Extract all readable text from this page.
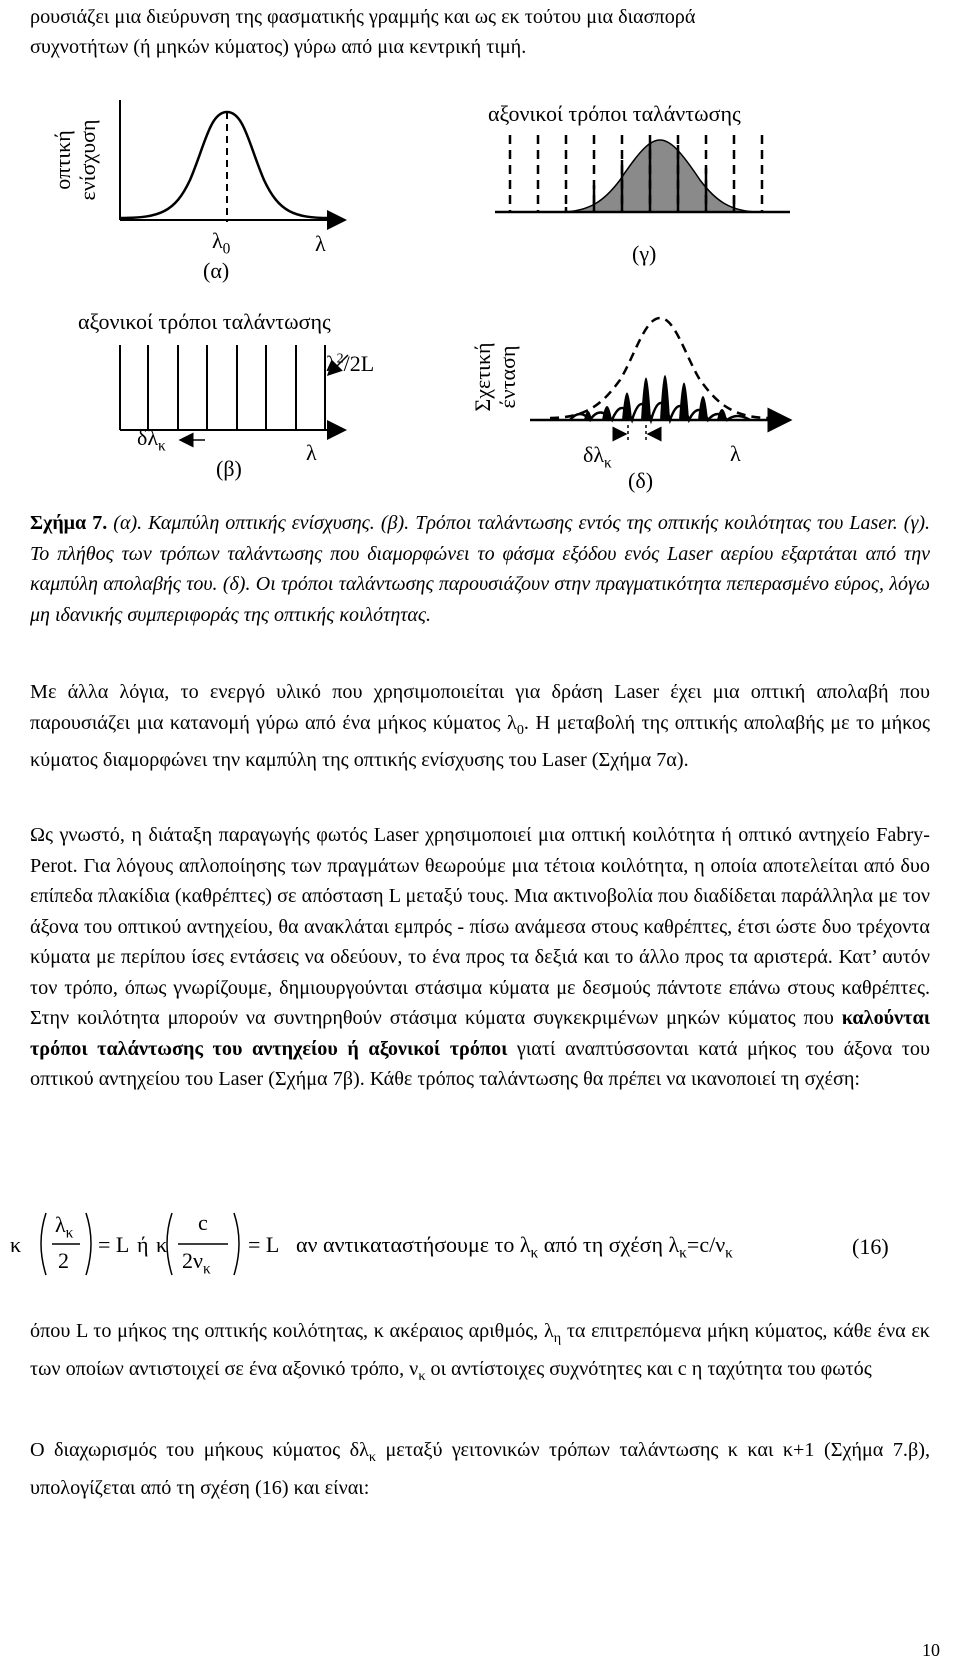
ρουσιάζει μια διεύρυνση της φασματικής γραμμής και ως εκ τούτου μια διασπορά

συχνοτήτων (ή μηκών κύματος) γύρω από μια κεντρική τιμή.

οπτική ενίσχυση
$\lambda_0$	λ
(α)
αξονικοί τρόποι ταλάντωσης
$\lambda^2/2L$
$\delta\lambda_\kappa$	λ
(β)
αξονικοί τρόποι ταλάντωσης
(γ)
Σχετική ένταση
$\delta\lambda_\kappa$	λ
(δ)

Σχήμα 7. (α). Καμπύλη οπτικής ενίσχυσης. (β). Τρόποι ταλάντωσης εντός της οπτικής κοιλότητας του Laser. (γ). Το πλήθος των τρόπων ταλάντωσης που διαμορφώνει το φάσμα εξόδου ενός Laser αερίου εξαρτάται από την καμπύλη απολαβής του. (δ). Οι τρόποι ταλάντωσης παρουσιάζουν στην πραγματικότητα πεπερασμένο εύρος, λόγω μη ιδανικής συμπεριφοράς της οπτικής κοιλότητας.

Με άλλα λόγια, το ενεργό υλικό που χρησιμοποιείται για δράση Laser έχει μια οπτική απολαβή που παρουσιάζει μια κατανομή γύρω από ένα μήκος κύματος $\lambda_0$. Η μεταβολή της οπτικής απολαβής με το μήκος κύματος διαμορφώνει την καμπύλη της οπτικής ενίσχυσης του Laser (Σχήμα 7α).

Ως γνωστό, η διάταξη παραγωγής φωτός Laser χρησιμοποιεί μια οπτική κοιλότητα ή οπτικό αντηχείο Fabry-Perot. Για λόγους απλοποίησης των πραγμάτων θεωρούμε μια τέτοια κοιλότητα, η οποία αποτελείται από δυο επίπεδα πλακίδια (καθρέπτες) σε απόσταση L μεταξύ τους. Μια ακτινοβολία που διαδίδεται παράλληλα με τον άξονα του οπτικού αντηχείου, θα ανακλάται εμπρός - πίσω ανάμεσα στους καθρέπτες, έτσι ώστε δυο τρέχοντα κύματα με περίπου ίσες εντάσεις να οδεύουν, το ένα προς τα δεξιά και το άλλο προς τα αριστερά. Κατ’ αυτόν τον τρόπο, όπως γνωρίζουμε, δημιουργούνται στάσιμα κύματα με δεσμούς πάντοτε επάνω στους καθρέπτες. Στην κοιλότητα μπορούν να συντηρηθούν στάσιμα κύματα συγκεκριμένων μηκών κύματος που καλούνται τρόποι ταλάντωσης του αντηχείου ή αξονικοί τρόποι γιατί αναπτύσσονται κατά μήκος του άξονα του οπτικού αντηχείου του Laser (Σχήμα 7β). Κάθε τρόπος ταλάντωσης θα πρέπει να ικανοποιεί τη σχέση:

κ
$\lambda_\kappa$
2
= L ή κ
c
$2\nu_\kappa$
= L αν αντικαταστήσουμε το $\lambda_\kappa$ από τη σχέση $\lambda_\kappa=c/\nu_\kappa$	(16)

όπου L το μήκος της οπτικής κοιλότητας, κ ακέραιος αριθμός, $\lambda_\eta$ τα επιτρεπόμενα μήκη κύματος, κάθε ένα εκ των οποίων αντιστοιχεί σε ένα αξονικό τρόπο, $\nu_\kappa$ οι αντίστοιχες συχνότητες και c η ταχύτητα του φωτός

Ο διαχωρισμός του μήκους κύματος $\delta\lambda_\kappa$ μεταξύ γειτονικών τρόπων ταλάντωσης κ και κ+1 (Σχήμα 7.β), υπολογίζεται από τη σχέση (16) και είναι:

10
